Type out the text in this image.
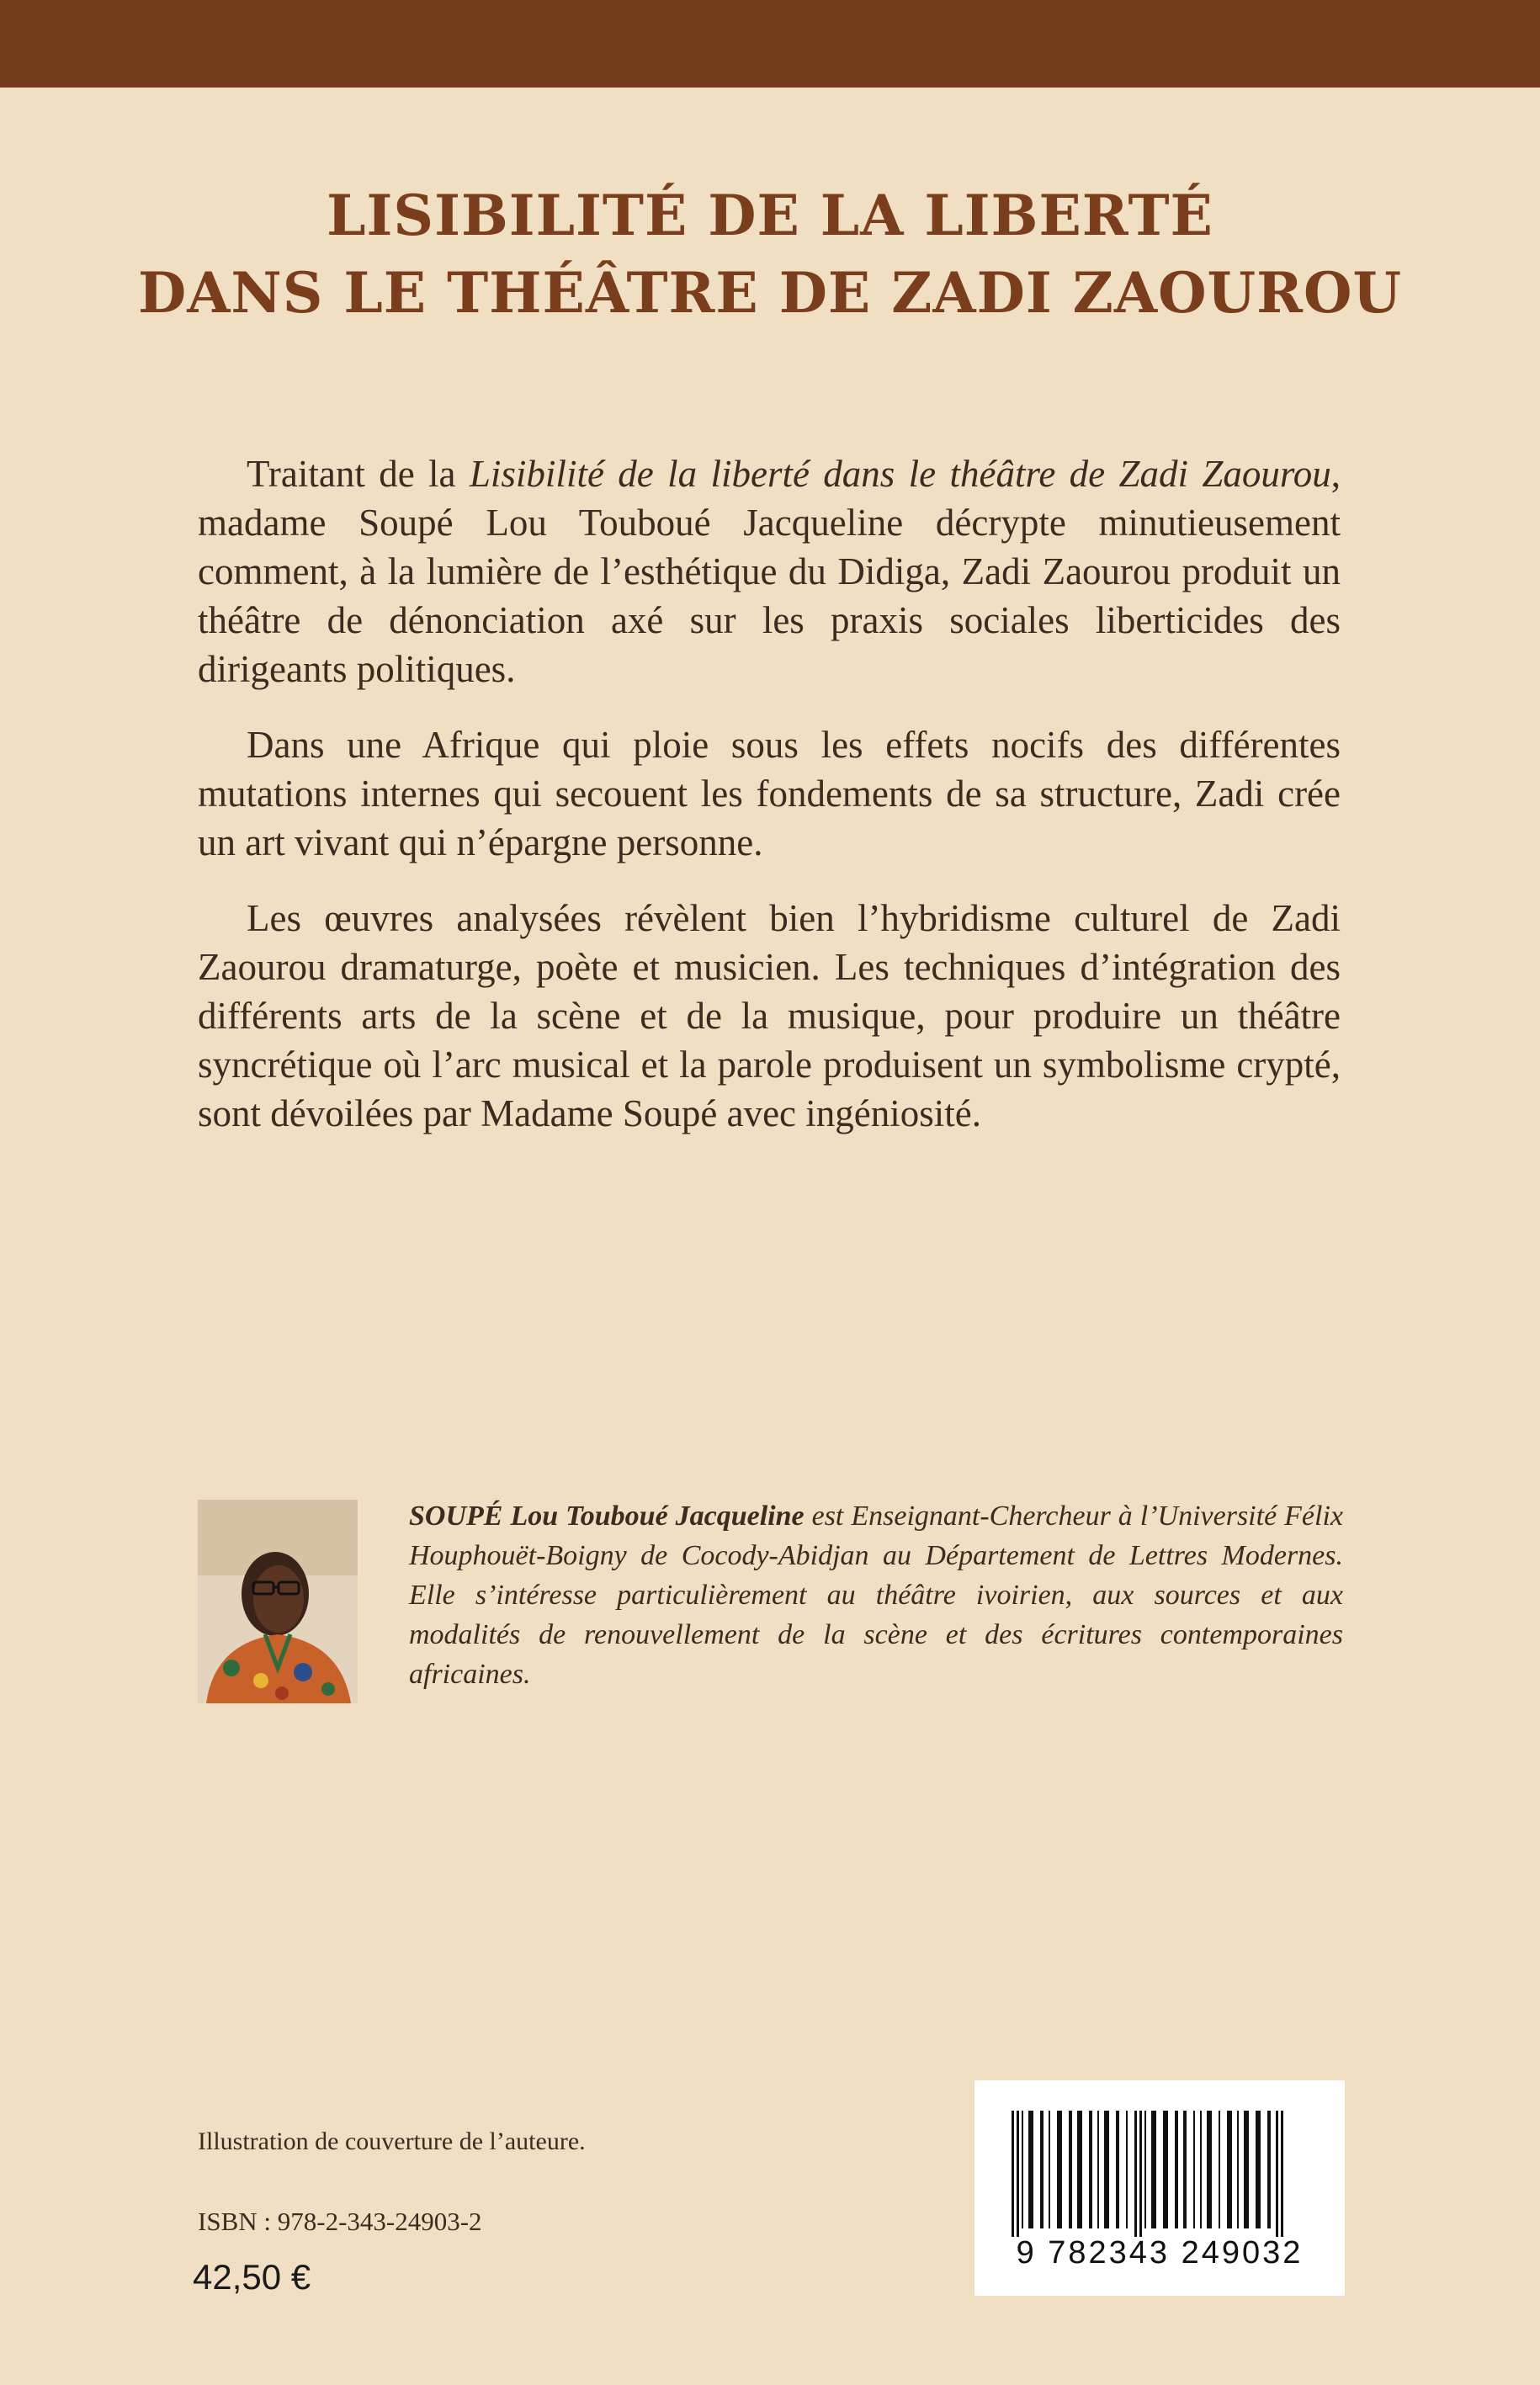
LISIBILITÉ DE LA LIBERTÉ
DANS LE THÉÂTRE DE ZADI ZAOUROU

Traitant de la Lisibilité de la liberté dans le théâtre de Zadi Zaourou, madame Soupé Lou Touboué Jacqueline décrypte minutieusement comment, à la lumière de l’esthétique du Didiga, Zadi Zaourou produit un théâtre de dénonciation axé sur les praxis sociales liberticides des dirigeants politiques.

Dans une Afrique qui ploie sous les effets nocifs des différentes mutations internes qui secouent les fondements de sa structure, Zadi crée un art vivant qui n’épargne personne.

Les œuvres analysées révèlent bien l’hybridisme culturel de Zadi Zaourou dramaturge, poète et musicien. Les techniques d’intégration des différents arts de la scène et de la musique, pour produire un théâtre syncrétique où l’arc musical et la parole produisent un symbolisme crypté, sont dévoilées par Madame Soupé avec ingéniosité.

SOUPÉ Lou Touboué Jacqueline est Enseignant-Chercheur à l’Université Félix Houphouët-Boigny de Cocody-Abidjan au Département de Lettres Modernes. Elle s’intéresse particulièrement au théâtre ivoirien, aux sources et aux modalités de renouvellement de la scène et des écritures contemporaines africaines.
Illustration de couverture de l’auteure.
ISBN : 978-2-343-24903-2
42,50 €
9 782343 249032
